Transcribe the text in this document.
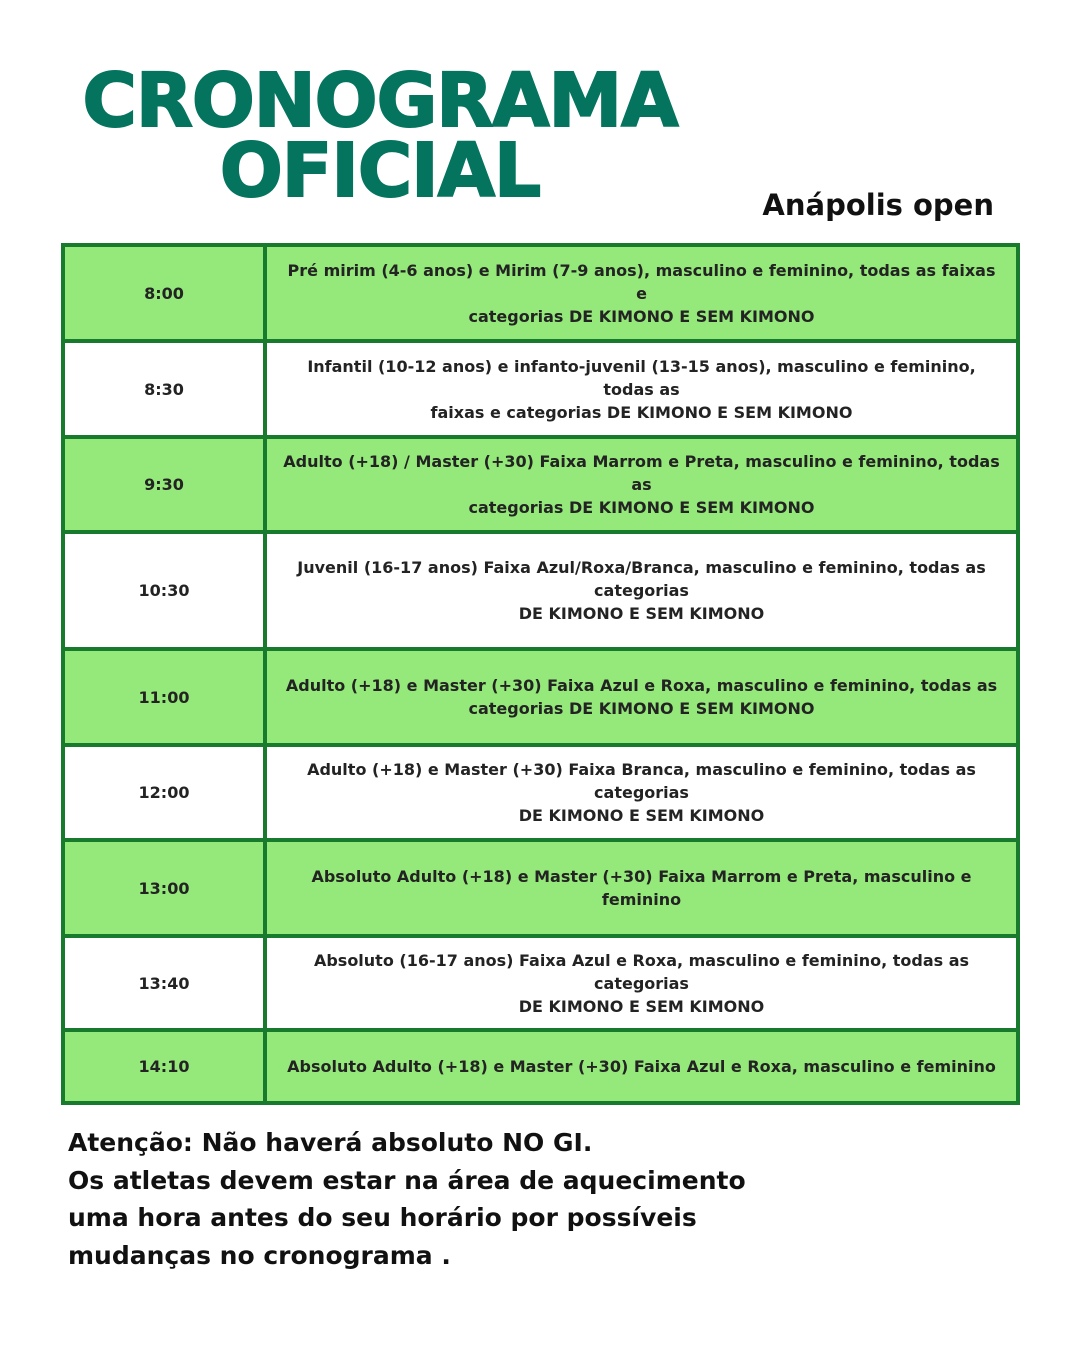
CRONOGRAMA
OFICIAL	Anápolis open
8:00	Pré mirim (4-6 anos) e Mirim (7-9 anos), masculino e feminino, todas as faixas e
categorias DE KIMONO E SEM KIMONO

8:30	Infantil (10-12 anos) e infanto-juvenil (13-15 anos), masculino e feminino, todas as
faixas e categorias DE KIMONO E SEM KIMONO

9:30	Adulto (+18) / Master (+30) Faixa Marrom e Preta, masculino e feminino, todas as
categorias DE KIMONO E SEM KIMONO

10:30	Juvenil (16-17 anos) Faixa Azul/Roxa/Branca, masculino e feminino, todas as
categorias
DE KIMONO E SEM KIMONO

11:00	Adulto (+18) e Master (+30) Faixa Azul e Roxa, masculino e feminino, todas as
categorias DE KIMONO E SEM KIMONO

12:00	Adulto (+18) e Master (+30) Faixa Branca, masculino e feminino, todas as categorias
DE KIMONO E SEM KIMONO

13:00	Absoluto Adulto (+18) e Master (+30) Faixa Marrom e Preta, masculino e feminino

13:40	Absoluto (16-17 anos) Faixa Azul e Roxa, masculino e feminino, todas as categorias
DE KIMONO E SEM KIMONO

14:10	Absoluto Adulto (+18) e Master (+30) Faixa Azul e Roxa, masculino e feminino
Atenção: Não haverá absoluto NO GI.
Os atletas devem estar na área de aquecimento
uma hora antes do seu horário por possíveis
mudanças no cronograma .
